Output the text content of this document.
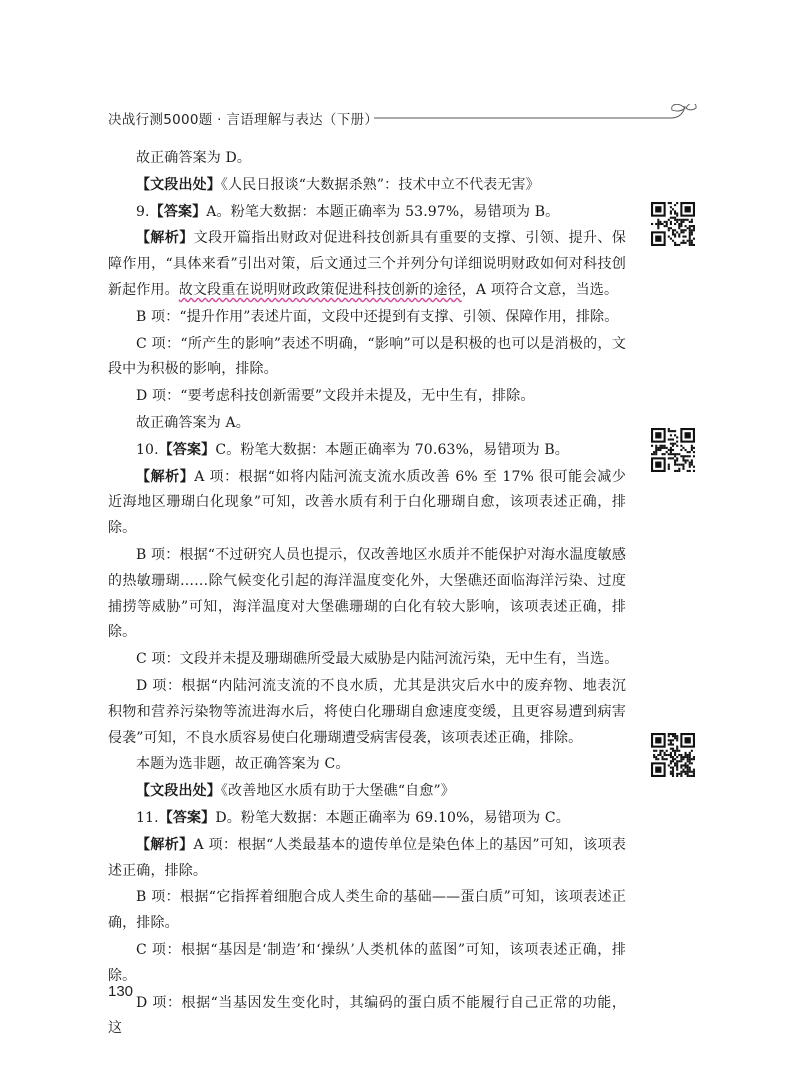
决战行测5000题 · 言语理解与表达（下册）

故正确答案为 D。

【文段出处】《人民日报谈“大数据杀熟”：技术中立不代表无害》

9.【答案】A。粉笔大数据：本题正确率为 53.97%，易错项为 B。

【解析】文段开篇指出财政对促进科技创新具有重要的支撑、引领、提升、保障作用，“具体来看”引出对策，后文通过三个并列分句详细说明财政如何对科技创新起作用。故文段重在说明财政政策促进科技创新的途径，A 项符合文意，当选。

B 项：“提升作用”表述片面，文段中还提到有支撑、引领、保障作用，排除。

C 项：“所产生的影响”表述不明确，“影响”可以是积极的也可以是消极的，文段中为积极的影响，排除。

D 项：“要考虑科技创新需要”文段并未提及，无中生有，排除。

故正确答案为 A。

10.【答案】C。粉笔大数据：本题正确率为 70.63%，易错项为 B。

【解析】A 项：根据“如将内陆河流支流水质改善 6% 至 17% 很可能会减少近海地区珊瑚白化现象”可知，改善水质有利于白化珊瑚自愈，该项表述正确，排除。

B 项：根据“不过研究人员也提示，仅改善地区水质并不能保护对海水温度敏感的热敏珊瑚……除气候变化引起的海洋温度变化外，大堡礁还面临海洋污染、过度捕捞等威胁”可知，海洋温度对大堡礁珊瑚的白化有较大影响，该项表述正确，排除。

C 项：文段并未提及珊瑚礁所受最大威胁是内陆河流污染，无中生有，当选。

D 项：根据“内陆河流支流的不良水质，尤其是洪灾后水中的废弃物、地表沉积物和营养污染物等流进海水后，将使白化珊瑚自愈速度变缓，且更容易遭到病害侵袭”可知，不良水质容易使白化珊瑚遭受病害侵袭，该项表述正确，排除。

本题为选非题，故正确答案为 C。

【文段出处】《改善地区水质有助于大堡礁“自愈”》

11.【答案】D。粉笔大数据：本题正确率为 69.10%，易错项为 C。

【解析】A 项：根据“人类最基本的遗传单位是染色体上的基因”可知，该项表述正确，排除。

B 项：根据“它指挥着细胞合成人类生命的基础——蛋白质”可知，该项表述正确，排除。

C 项：根据“基因是‘制造’和‘操纵’人类机体的蓝图”可知，该项表述正确，排除。

D 项：根据“当基因发生变化时，其编码的蛋白质不能履行自己正常的功能，这

130
